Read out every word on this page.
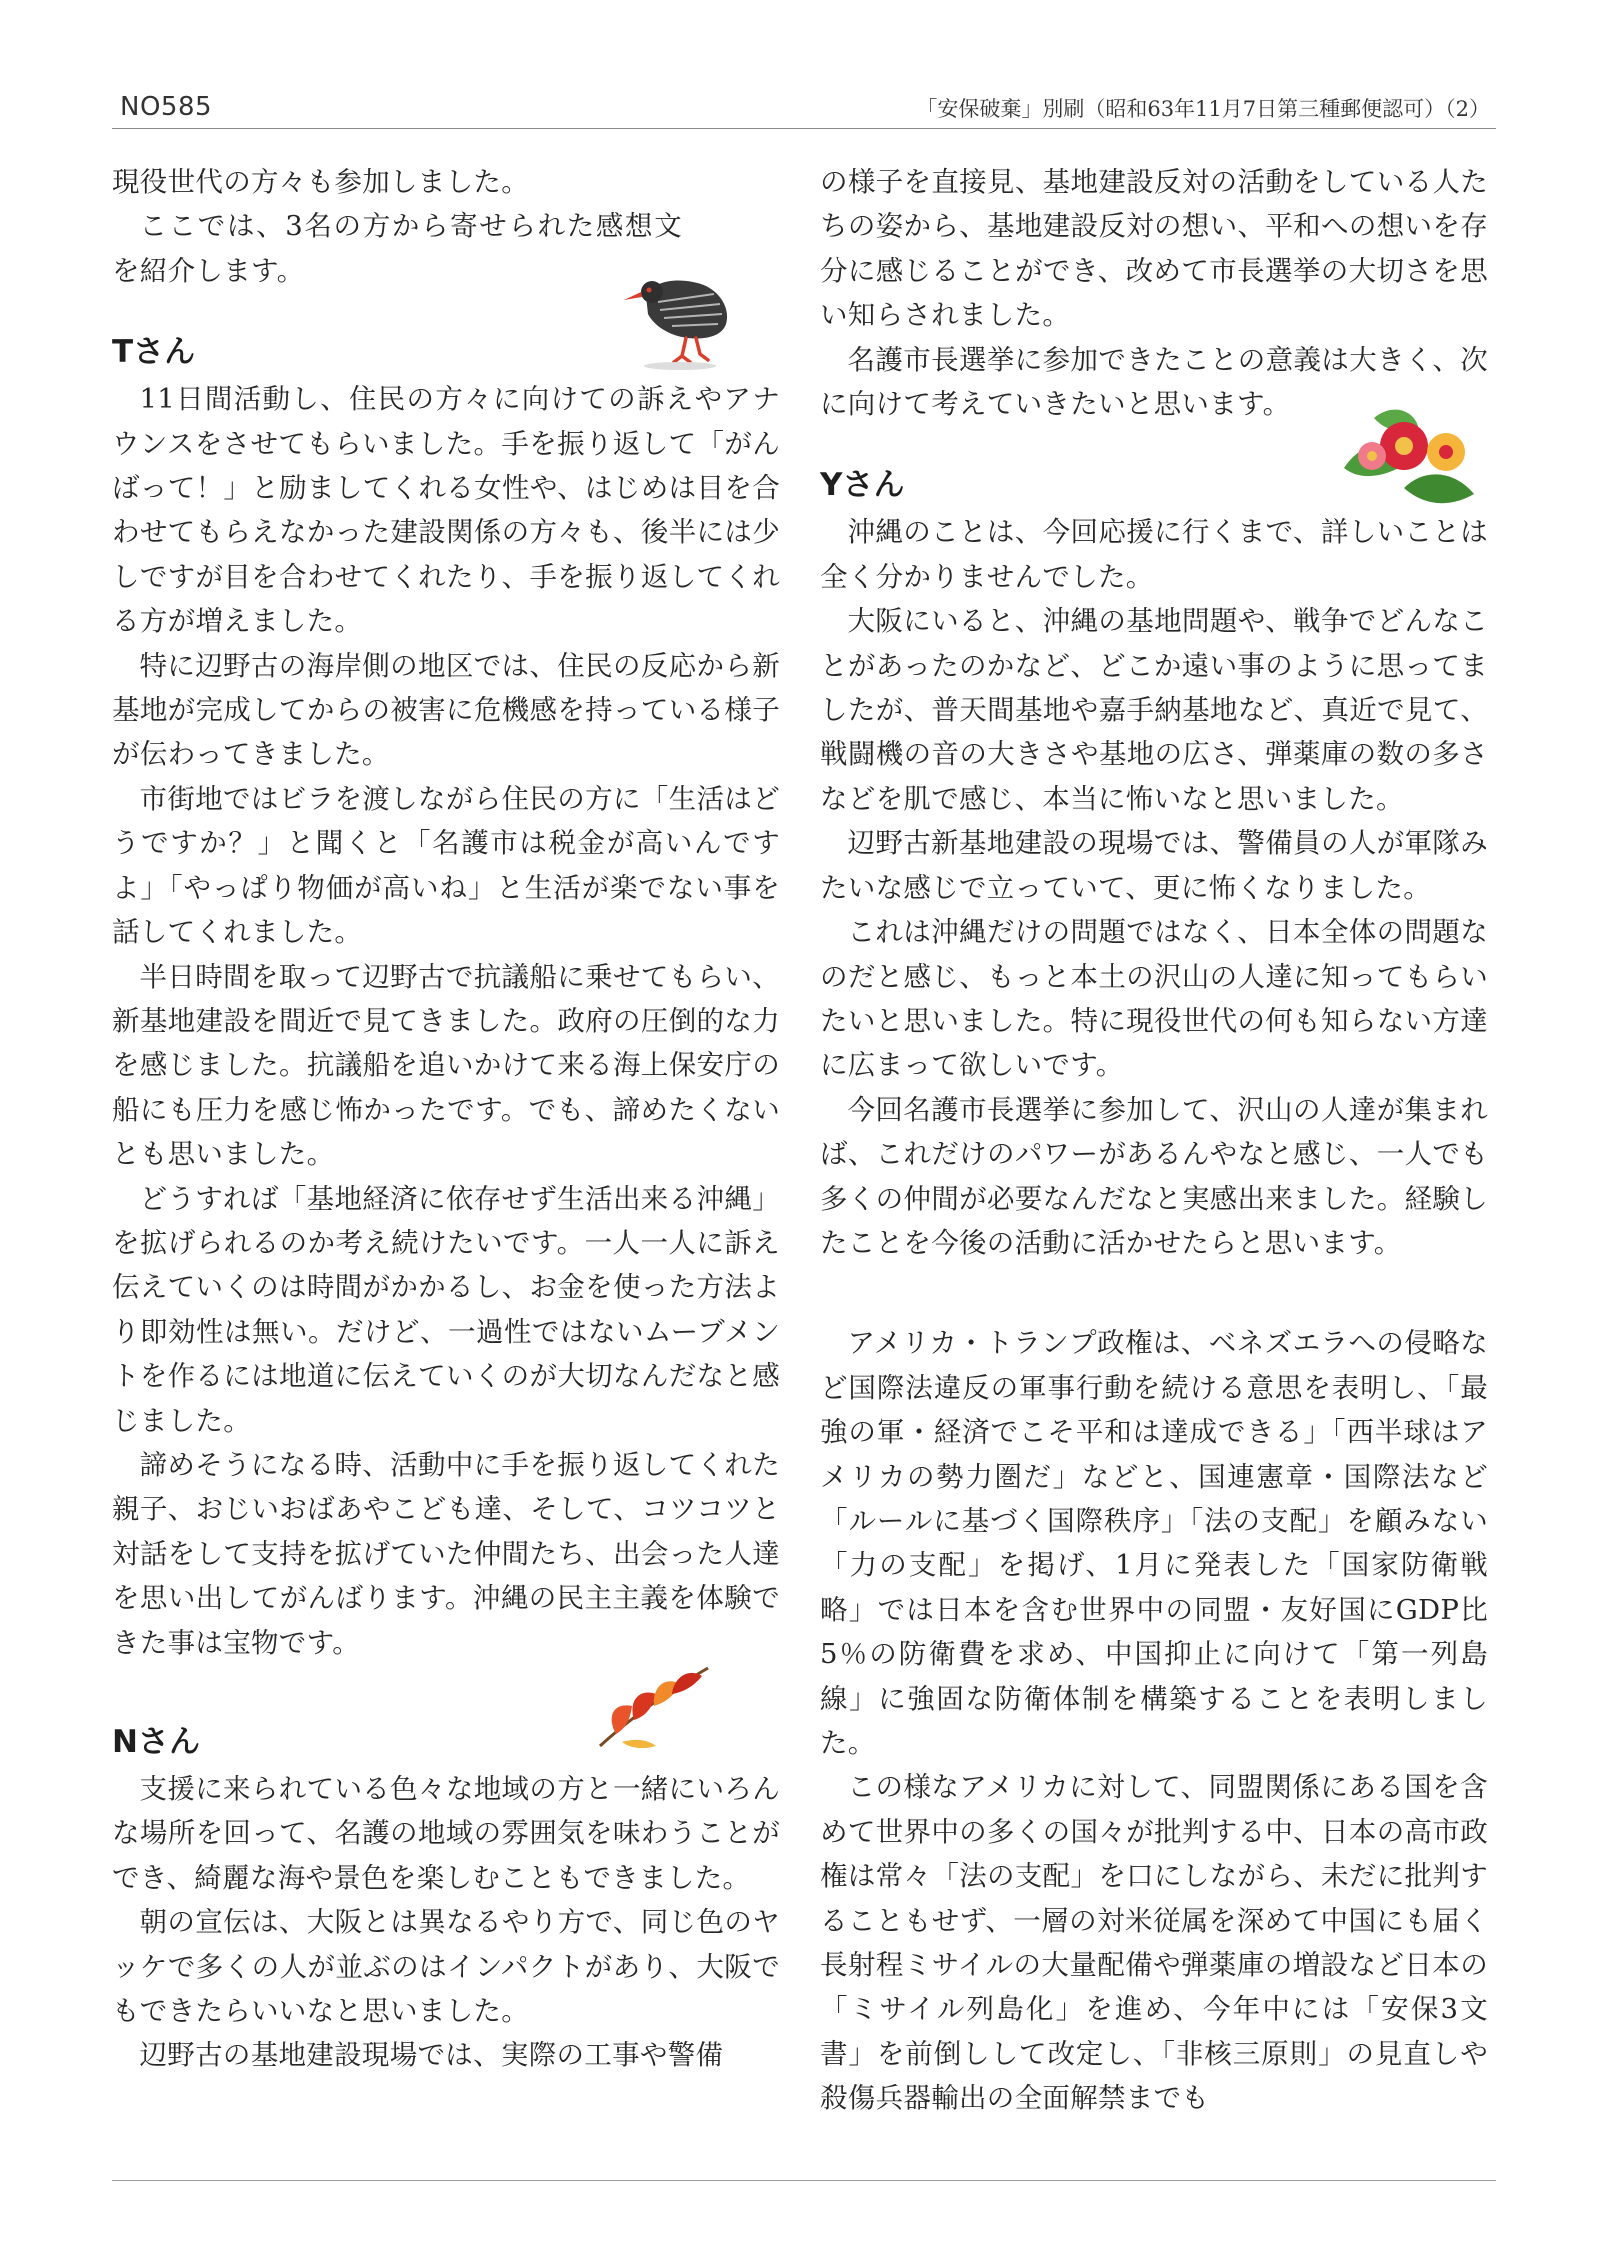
NO585	「安保破棄」別刷（昭和63年11月7日第三種郵便認可）（2）

現役世代の方々も参加しました。

ここでは、3名の方から寄せられた感想文を紹介します。

Tさん

11日間活動し、住民の方々に向けての訴えやアナウンスをさせてもらいました。手を振り返して「がんばって！」と励ましてくれる女性や、はじめは目を合わせてもらえなかった建設関係の方々も、後半には少しですが目を合わせてくれたり、手を振り返してくれる方が増えました。

特に辺野古の海岸側の地区では、住民の反応から新基地が完成してからの被害に危機感を持っている様子が伝わってきました。

市街地ではビラを渡しながら住民の方に「生活はどうですか？」と聞くと「名護市は税金が高いんですよ」「やっぱり物価が高いね」と生活が楽でない事を話してくれました。

半日時間を取って辺野古で抗議船に乗せてもらい、新基地建設を間近で見てきました。政府の圧倒的な力を感じました。抗議船を追いかけて来る海上保安庁の船にも圧力を感じ怖かったです。でも、諦めたくないとも思いました。

どうすれば「基地経済に依存せず生活出来る沖縄」を拡げられるのか考え続けたいです。一人一人に訴え伝えていくのは時間がかかるし、お金を使った方法より即効性は無い。だけど、一過性ではないムーブメントを作るには地道に伝えていくのが大切なんだなと感じました。

諦めそうになる時、活動中に手を振り返してくれた親子、おじいおばあやこども達、そして、コツコツと対話をして支持を拡げていた仲間たち、出会った人達を思い出してがんばります。沖縄の民主主義を体験できた事は宝物です。

Nさん

支援に来られている色々な地域の方と一緒にいろんな場所を回って、名護の地域の雰囲気を味わうことができ、綺麗な海や景色を楽しむこともできました。

朝の宣伝は、大阪とは異なるやり方で、同じ色のヤッケで多くの人が並ぶのはインパクトがあり、大阪でもできたらいいなと思いました。

辺野古の基地建設現場では、実際の工事や警備

の様子を直接見、基地建設反対の活動をしている人たちの姿から、基地建設反対の想い、平和への想いを存分に感じることができ、改めて市長選挙の大切さを思い知らされました。

名護市長選挙に参加できたことの意義は大きく、次に向けて考えていきたいと思います。

Yさん

沖縄のことは、今回応援に行くまで、詳しいことは全く分かりませんでした。

大阪にいると、沖縄の基地問題や、戦争でどんなことがあったのかなど、どこか遠い事のように思ってましたが、普天間基地や嘉手納基地など、真近で見て、戦闘機の音の大きさや基地の広さ、弾薬庫の数の多さなどを肌で感じ、本当に怖いなと思いました。

辺野古新基地建設の現場では、警備員の人が軍隊みたいな感じで立っていて、更に怖くなりました。

これは沖縄だけの問題ではなく、日本全体の問題なのだと感じ、もっと本土の沢山の人達に知ってもらいたいと思いました。特に現役世代の何も知らない方達に広まって欲しいです。

今回名護市長選挙に参加して、沢山の人達が集まれば、これだけのパワーがあるんやなと感じ、一人でも多くの仲間が必要なんだなと実感出来ました。経験したことを今後の活動に活かせたらと思います。

アメリカ・トランプ政権は、ベネズエラへの侵略など国際法違反の軍事行動を続ける意思を表明し、「最強の軍・経済でこそ平和は達成できる」「西半球はアメリカの勢力圏だ」などと、国連憲章・国際法など「ルールに基づく国際秩序」「法の支配」を顧みない「力の支配」を掲げ、1月に発表した「国家防衛戦略」では日本を含む世界中の同盟・友好国にGDP比5％の防衛費を求め、中国抑止に向けて「第一列島線」に強固な防衛体制を構築することを表明しました。

この様なアメリカに対して、同盟関係にある国を含めて世界中の多くの国々が批判する中、日本の高市政権は常々「法の支配」を口にしながら、未だに批判することもせず、一層の対米従属を深めて中国にも届く長射程ミサイルの大量配備や弾薬庫の増設など日本の「ミサイル列島化」を進め、今年中には「安保3文書」を前倒しして改定し、「非核三原則」の見直しや殺傷兵器輸出の全面解禁までも
